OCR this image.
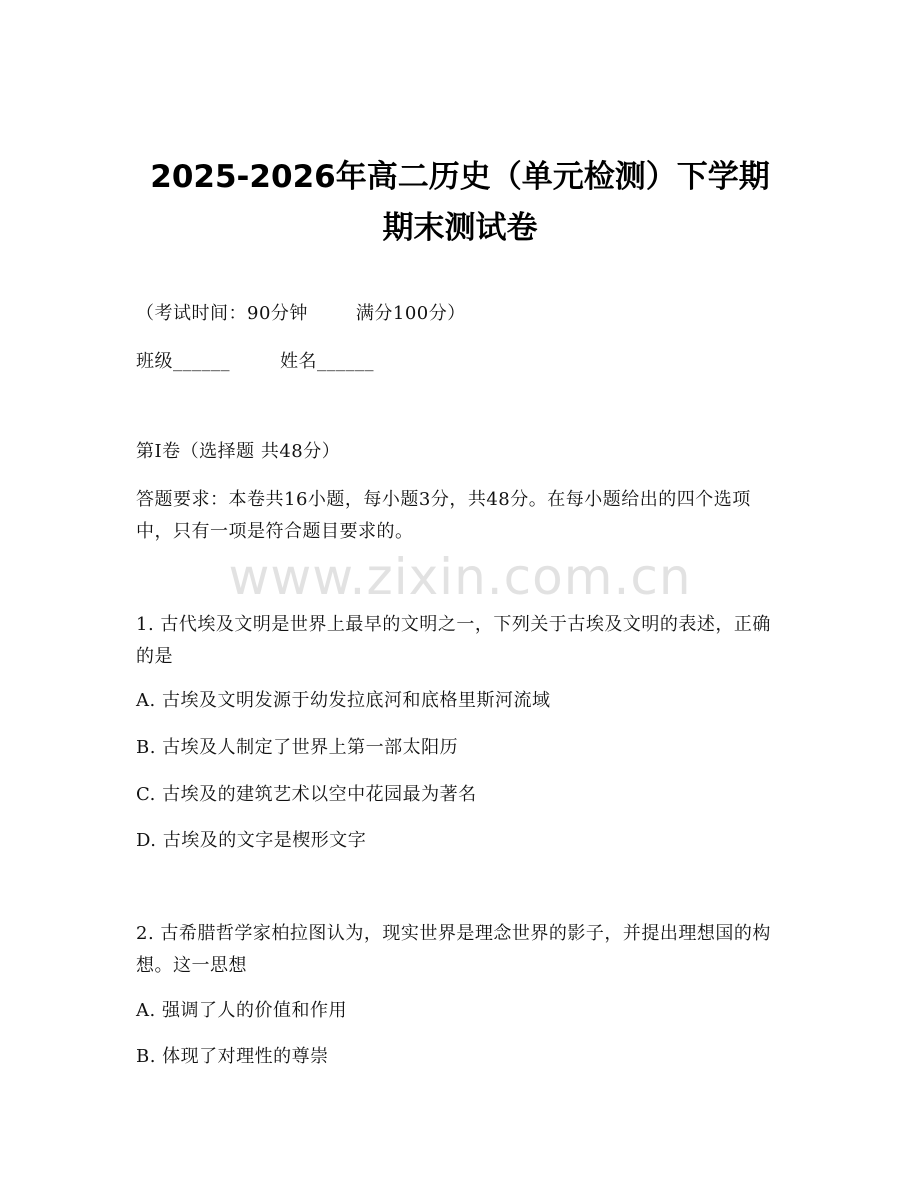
2025-2026年高二历史（单元检测）下学期
期末测试卷
（考试时间：90分钟	满分100分）
班级______	姓名______
第Ⅰ卷（选择题 共48分）
答题要求：本卷共16小题，每小题3分，共48分。在每小题给出的四个选项中，只有一项是符合题目要求的。
www.zixin.com.cn
1. 古代埃及文明是世界上最早的文明之一，下列关于古埃及文明的表述，正确的是
A. 古埃及文明发源于幼发拉底河和底格里斯河流域
B. 古埃及人制定了世界上第一部太阳历
C. 古埃及的建筑艺术以空中花园最为著名
D. 古埃及的文字是楔形文字
2. 古希腊哲学家柏拉图认为，现实世界是理念世界的影子，并提出理想国的构想。这一思想
A. 强调了人的价值和作用
B. 体现了对理性的尊崇
